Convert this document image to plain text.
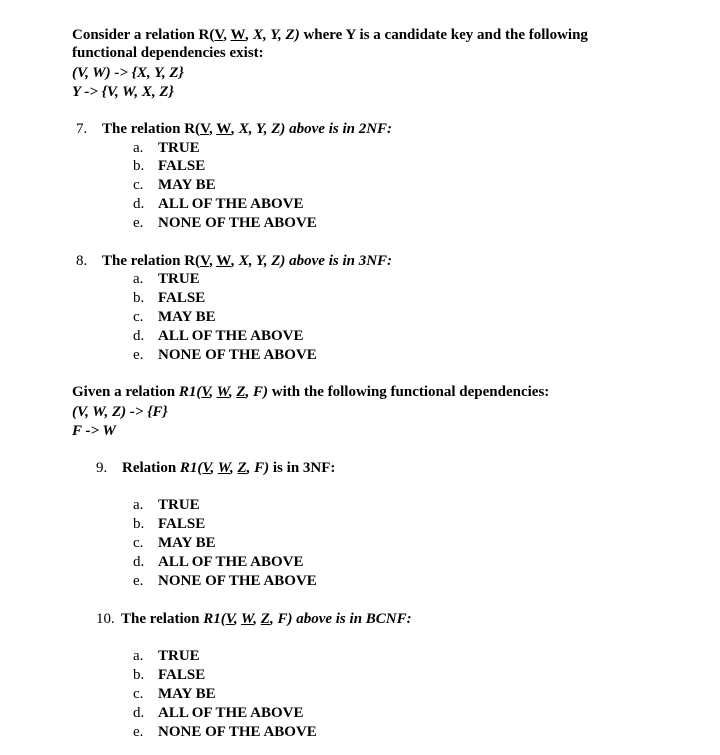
Consider a relation R(V, W, X, Y, Z) where Y is a candidate key and the following
functional dependencies exist:
(V, W) -> {X, Y, Z}
Y -> {V, W, X, Z}
7. The relation R(V, W, X, Y, Z) above is in 2NF:
a. TRUE
b. FALSE
c. MAY BE
d. ALL OF THE ABOVE
e. NONE OF THE ABOVE
8. The relation R(V, W, X, Y, Z) above is in 3NF:
a. TRUE
b. FALSE
c. MAY BE
d. ALL OF THE ABOVE
e. NONE OF THE ABOVE
Given a relation R1(V, W, Z, F) with the following functional dependencies:
(V, W, Z) -> {F}
F -> W
9. Relation R1(V, W, Z, F) is in 3NF:
a. TRUE
b. FALSE
c. MAY BE
d. ALL OF THE ABOVE
e. NONE OF THE ABOVE
10. The relation R1(V, W, Z, F) above is in BCNF:
a. TRUE
b. FALSE
c. MAY BE
d. ALL OF THE ABOVE
e. NONE OF THE ABOVE
